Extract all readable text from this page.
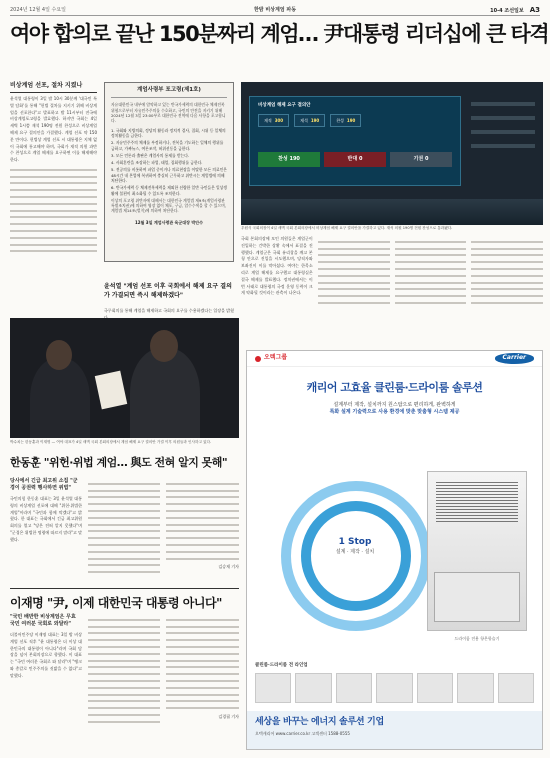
2024년 12월 4일 수요일	한밤 비상계엄 파동	10-4 조선일보 A3
여야 합의로 끝난 150분짜리 계엄… 尹대통령 리더십에 큰 타격
비상계엄 선포, 절차 지켰나
윤석열 대통령이 3일 밤 10시 30분께 '대국민 특별 담화'를 통해 "헌법 절차를 지키기 위해 비상계엄을 선포한다"고 발표하고 밤 11시부터 전국에 비상계엄포고령을 발효했다. 하지만 국회는 4일 새벽 1시쯤 재석 190명 전원 찬성으로 비상계엄 해제 요구 결의안을 가결했다. 계엄 선포 약 150분 만이다. 헌법상 계엄 선포 시 대통령은 지체 없이 국회에 통고해야 하며, 국회가 재적 의원 과반수 찬성으로 계엄 해제를 요구하면 이를 해제해야 한다.
계엄사령부 포고령(제1호)
자유대한민국 내부에 암약하고 있는 반국가세력의 대한민국 체제전복 위협으로부터 자유민주주의를 수호하고, 국민의 안전을 지키기 위해 2024년 12월 3일 23:00부로 대한민국 전역에 다음 사항을 포고합니다.
1. 국회와 지방의회, 정당의 활동과 정치적 결사, 집회, 시위 등 일체의 정치활동을 금한다.
2. 자유민주주의 체제를 부정하거나, 전복을 기도하는 일체의 행위를 금하고, 가짜뉴스, 여론조작, 허위선동을 금한다.
3. 모든 언론과 출판은 계엄사의 통제를 받는다.
4. 사회혼란을 조장하는 파업, 태업, 집회행위를 금한다.
5. 전공의를 비롯하여 파업 중이거나 의료현장을 이탈한 모든 의료인은 48시간 내 본업에 복귀하여 충실히 근무하고 위반시는 계엄법에 의해 처단한다.
6. 반국가세력 등 체제전복세력을 제외한 선량한 일반 국민들은 일상생활에 불편이 최소화될 수 있도록 조치한다.
이상의 포고령 위반자에 대해서는 대한민국 계엄법 제9조(계엄사령관 특별조치권)에 의하여 영장 없이 체포, 구금, 압수수색을 할 수 있으며, 계엄법 제14조(벌칙)에 의하여 처단한다.
12월 3일 계엄사령관 육군대장 박안수
비상계엄 해제 요구 결의안
재적 300	재석 190	찬성 190
찬성 190	반대 0	기권 0
우원식 국회의장이 4일 새벽 국회 본회의장에서 비상계엄 해제 요구 결의안을 가결하고 있다. 재석 의원 190명 전원 찬성으로 통과됐다.
윤석열 "계엄 선포 이후 국회에서 해제 요구 결의가 가결되면 즉시 해제하겠다"
국무회의를 통해 계엄을 해제하고 국회의 요구를 수용하겠다는 입장을 밝혔
국회 본회의장에 모인 의원들은 계엄군이 진입하는 긴박한 상황 속에서 표결을 진행했다. 계엄군은 국회 유리창을 깨고 본청 안으로 진입을 시도했으며, 당직자와 보좌진이 이를 막아섰다. 여야는 한목소리로 계엄 해제를 요구했고 대통령실은 결국 해제를 발표했다. 정치권에서는 이번 사태로 대통령의 국정 운영 동력이 크게 약화될 것이라는 관측이 나온다.
박수치는 한동훈과 이재명 — 여야 대표가 4일 새벽 국회 본회의장에서 계엄 해제 요구 결의안 가결 이후 의원들과 인사하고 있다.
한동훈 "위헌·위법 계엄… 與도 전혀 알지 못해"
당사에서 긴급 최고위 소집 "군경이 공권력 행사하면 위법"
국민의힘 한동훈 대표는 3일 윤석열 대통령의 비상계엄 선포에 대해 "위헌·위법한 계엄"이라며 "국민과 함께 막겠다"고 밝혔다. 한 대표는 국회에서 긴급 최고위원회의를 열고 "당은 전혀 알지 못했다"며 "군경은 위법한 명령에 따르지 말라"고 말했다.
김승재 기자
이재명 "尹, 이제 대한민국 대통령 아니다"
"국민 배반한 비상계엄은 무효 국민 여러분 국회로 와달라"
더불어민주당 이재명 대표는 3일 밤 비상계엄 선포 직후 "윤 대통령은 더 이상 대한민국의 대통령이 아니다"라며 국회 담장을 넘어 본회의장으로 향했다. 이 대표는 "국민 여러분 국회로 와 달라"며 "탱크와 총칼로 민주주의를 짓밟을 수 없다"고 말했다.
김경필 기자
오텍그룹	Carrier
캐리어 고효율 클린룸·드라이룸 솔루션
설계부터 제작, 설치까지 원스탑으로 편리하게, 완벽하게
특화 설계 기술력으로 사용 환경에 맞춘 맞춤형 시스템 제공
1 Stop
설계 · 제작 · 설치
드라이룸 전용 항온항습기
클린룸·드라이룸 전 라인업
세상을 바꾸는 에너지 솔루션 기업
오텍캐리어 www.carrier.co.kr 고객센터 1588-0555
